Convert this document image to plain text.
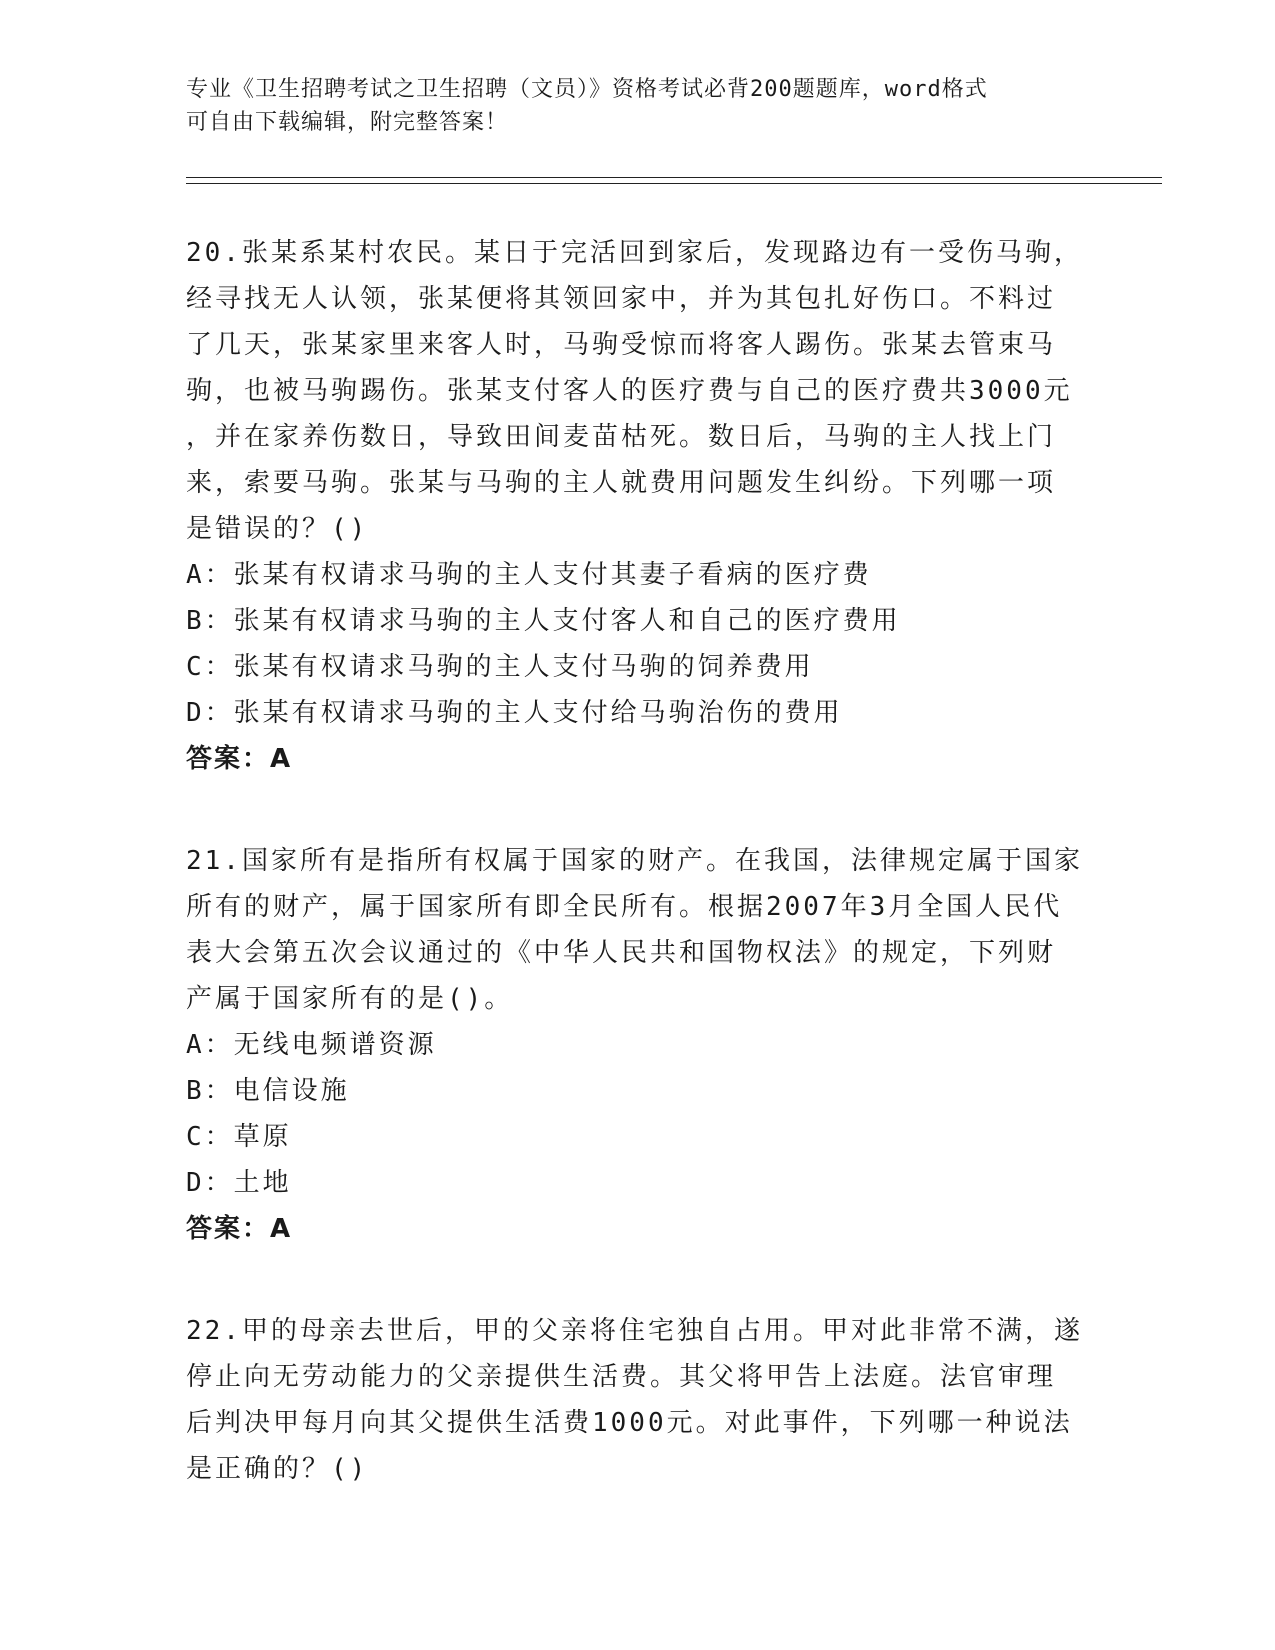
专业《卫生招聘考试之卫生招聘（文员）》资格考试必背200题题库，word格式
可自由下载编辑，附完整答案！
20.张某系某村农民。某日于完活回到家后，发现路边有一受伤马驹，
经寻找无人认领，张某便将其领回家中，并为其包扎好伤口。不料过
了几天，张某家里来客人时，马驹受惊而将客人踢伤。张某去管束马
驹，也被马驹踢伤。张某支付客人的医疗费与自己的医疗费共3000元
，并在家养伤数日，导致田间麦苗枯死。数日后，马驹的主人找上门
来，索要马驹。张某与马驹的主人就费用问题发生纠纷。下列哪一项
是错误的？()
A：张某有权请求马驹的主人支付其妻子看病的医疗费
B：张某有权请求马驹的主人支付客人和自己的医疗费用
C：张某有权请求马驹的主人支付马驹的饲养费用
D：张某有权请求马驹的主人支付给马驹治伤的费用
答案：A
21.国家所有是指所有权属于国家的财产。在我国，法律规定属于国家
所有的财产，属于国家所有即全民所有。根据2007年3月全国人民代
表大会第五次会议通过的《中华人民共和国物权法》的规定，下列财
产属于国家所有的是()。
A：无线电频谱资源
B：电信设施
C：草原
D：土地
答案：A
22.甲的母亲去世后，甲的父亲将住宅独自占用。甲对此非常不满，遂
停止向无劳动能力的父亲提供生活费。其父将甲告上法庭。法官审理
后判决甲每月向其父提供生活费1000元。对此事件，下列哪一种说法
是正确的？()
